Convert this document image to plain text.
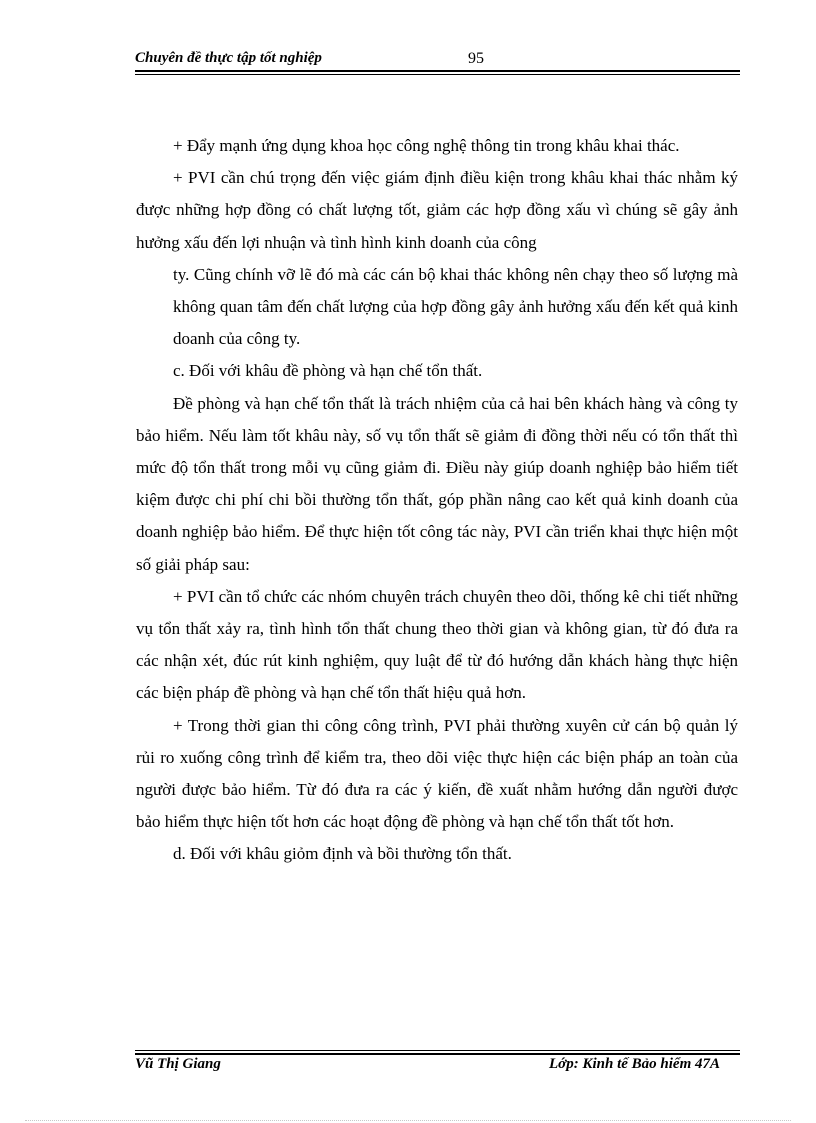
Chuyên đề thực tập tốt nghiệp	95

+ Đẩy mạnh ứng dụng khoa học công nghệ thông tin trong khâu khai thác.

+ PVI cần chú trọng đến việc giám định điều kiện trong khâu khai thác nhằm ký được những hợp đồng có chất lượng tốt, giảm các hợp đồng xấu vì chúng sẽ gây ảnh hưởng xấu đến lợi nhuận và tình hình kinh doanh của công

ty. Cũng chính vỡ lẽ đó mà các cán bộ khai thác không nên chạy theo số lượng mà không quan tâm đến chất lượng của hợp đồng gây ảnh hưởng xấu đến kết quả kinh doanh của công ty.

c. Đối với khâu đề phòng và hạn chế tổn thất.

Đề phòng và hạn chế tổn thất là trách nhiệm của cả hai bên khách hàng và công ty bảo hiểm. Nếu làm tốt khâu này, số vụ tổn thất sẽ giảm đi đồng thời nếu có tổn thất thì mức độ tổn thất trong mỗi vụ cũng giảm đi. Điều này giúp doanh nghiệp bảo hiểm tiết kiệm được chi phí chi bồi thường tổn thất, góp phần nâng cao kết quả kinh doanh của doanh nghiệp bảo hiểm. Để thực hiện tốt công tác này, PVI cần triển khai thực hiện một số giải pháp sau:

+ PVI cần tổ chức các nhóm chuyên trách chuyên theo dõi, thống kê chi tiết những vụ tổn thất xảy ra, tình hình tổn thất chung theo thời gian và không gian, từ đó đưa ra các nhận xét, đúc rút kinh nghiệm, quy luật để từ đó hướng dẫn khách hàng thực hiện các biện pháp đề phòng và hạn chế tổn thất hiệu quả hơn.

+ Trong thời gian thi công công trình, PVI phải thường xuyên cử cán bộ quản lý rủi ro xuống công trình để kiểm tra, theo dõi việc thực hiện các biện pháp an toàn của người được bảo hiểm. Từ đó đưa ra các ý kiến, đề xuất nhằm hướng dẫn người được bảo hiểm thực hiện tốt hơn các hoạt động đề phòng và hạn chế tổn thất tốt hơn.

d. Đối với khâu giỏm định và bồi thường tổn thất.

Vũ Thị Giang	Lớp: Kinh tế Bảo hiểm 47A
